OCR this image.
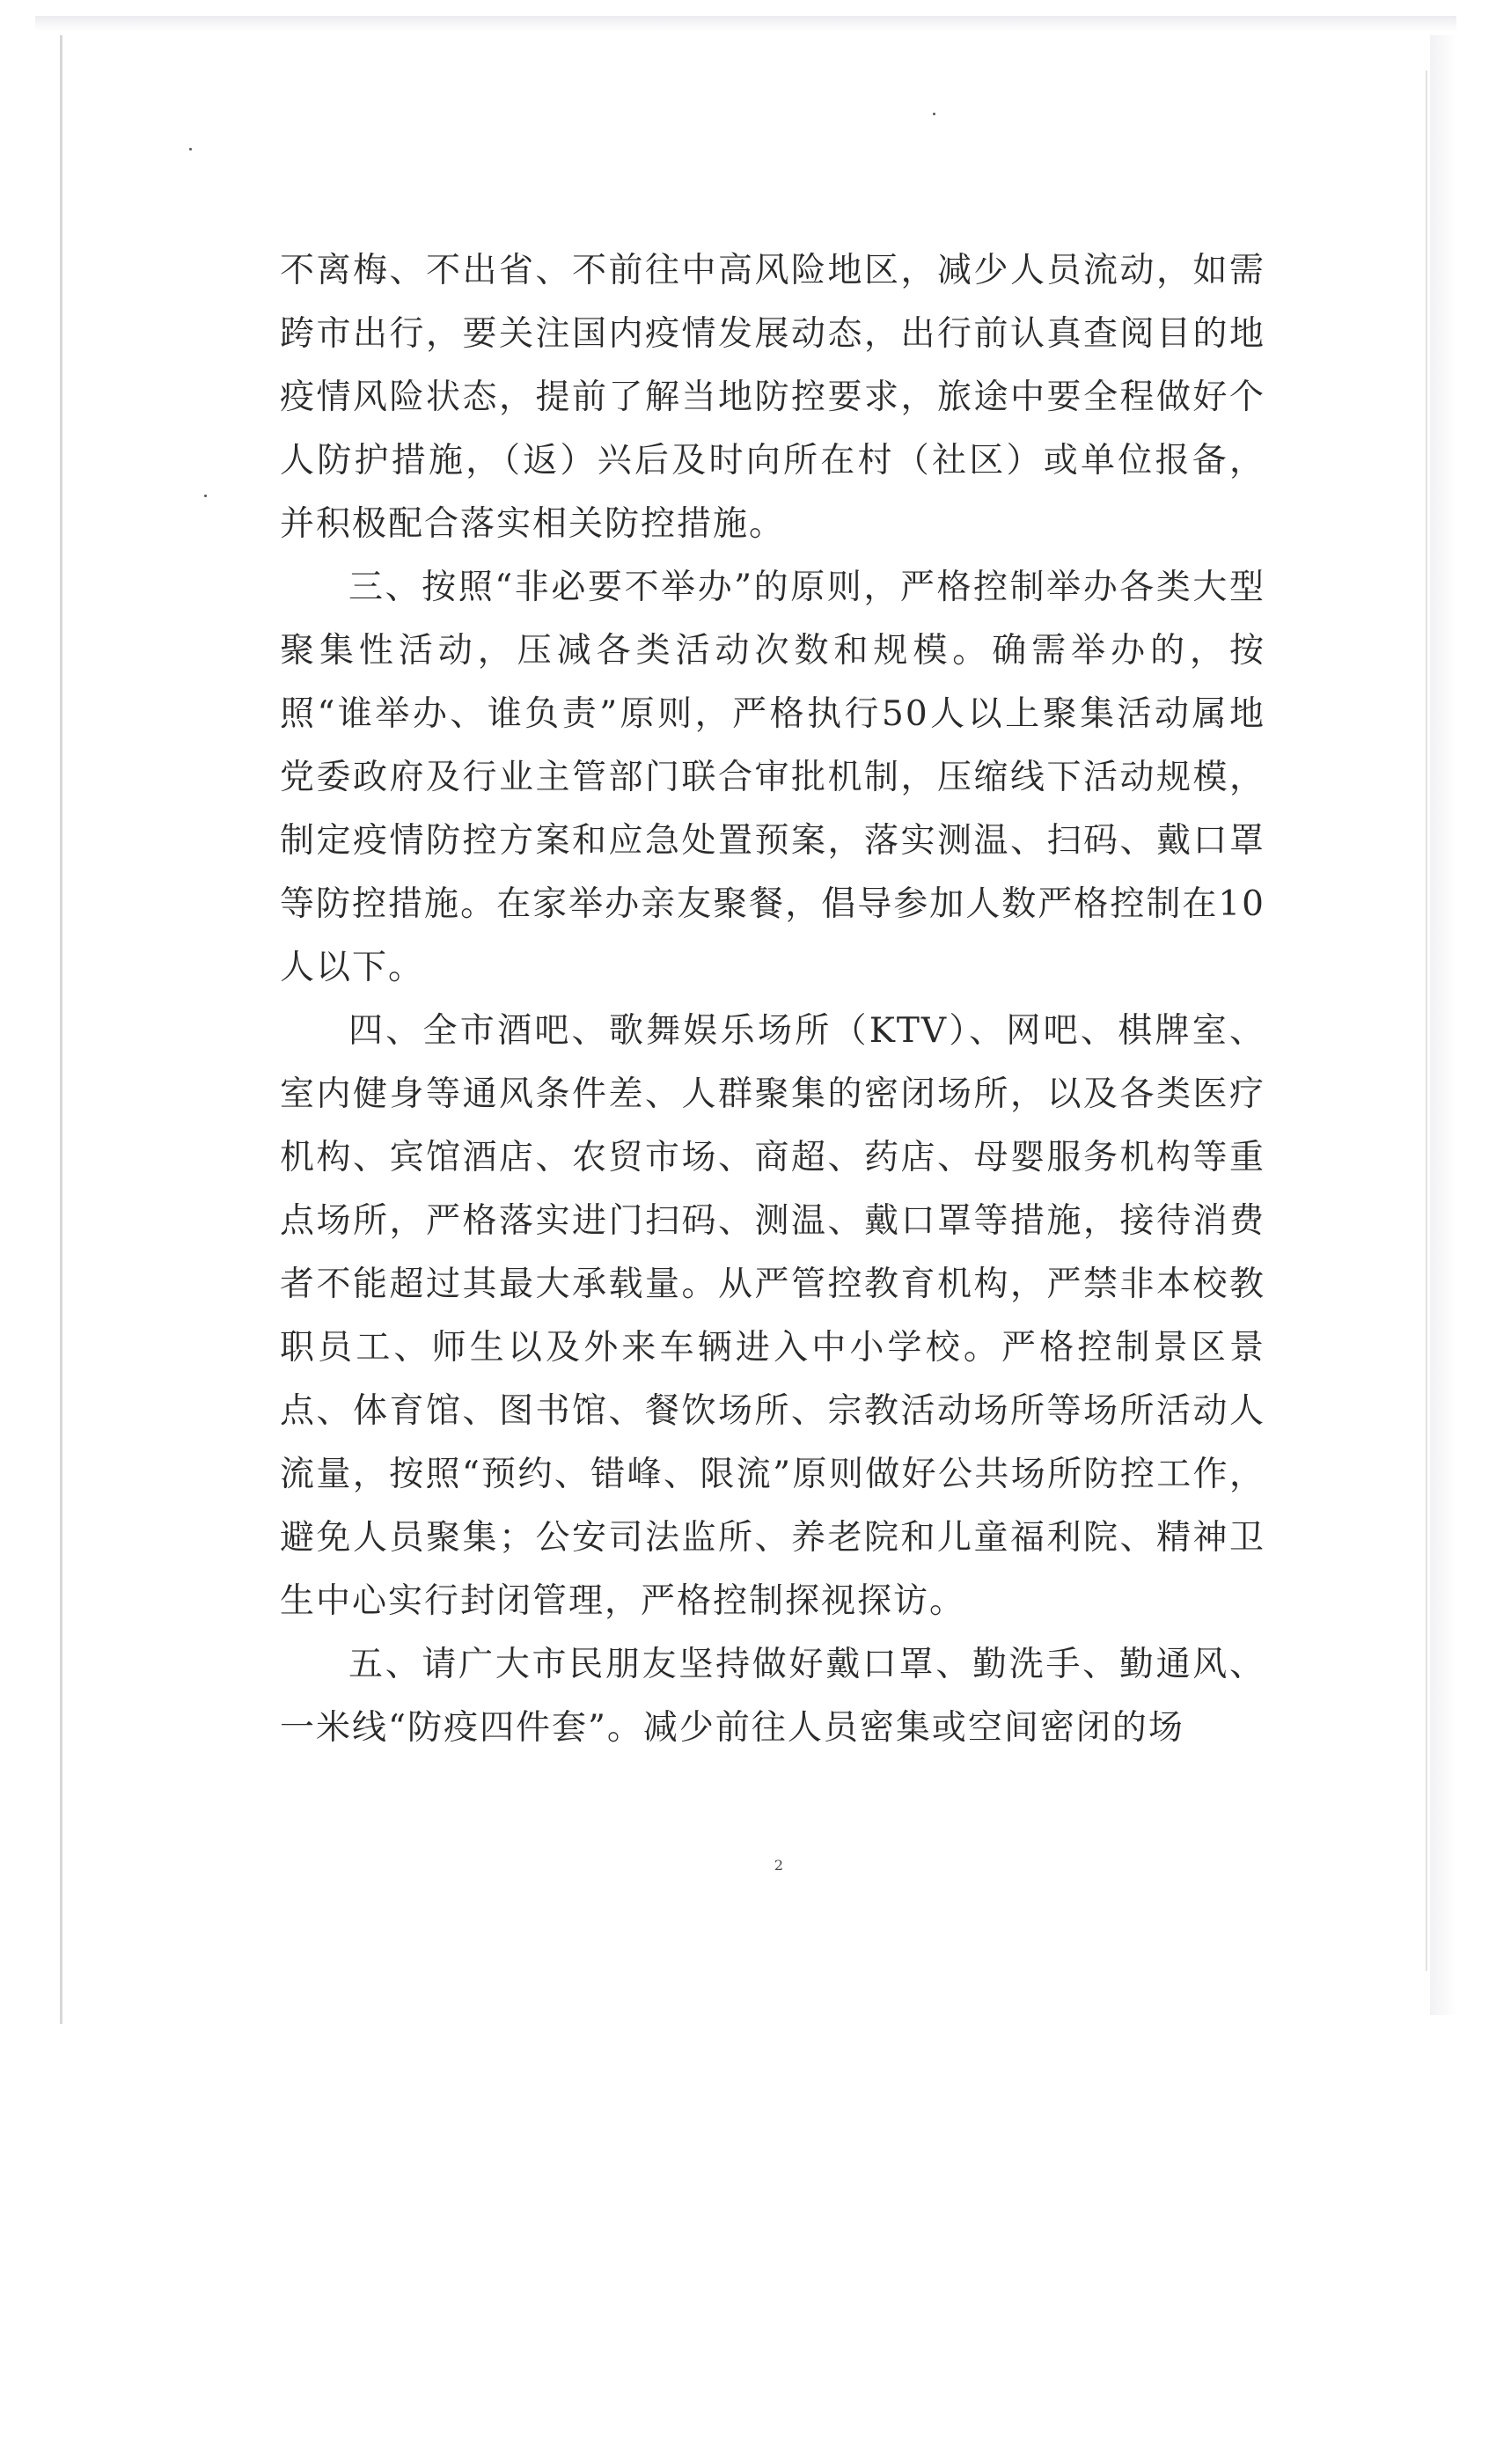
不离梅、不出省、不前往中高风险地区，减少人员流动，如需跨市出行，要关注国内疫情发展动态，出行前认真查阅目的地疫情风险状态，提前了解当地防控要求，旅途中要全程做好个人防护措施，（返）兴后及时向所在村（社区）或单位报备，并积极配合落实相关防控措施。

三、按照“非必要不举办”的原则，严格控制举办各类大型聚集性活动，压减各类活动次数和规模。确需举办的，按照“谁举办、谁负责”原则，严格执行50人以上聚集活动属地党委政府及行业主管部门联合审批机制，压缩线下活动规模，制定疫情防控方案和应急处置预案，落实测温、扫码、戴口罩等防控措施。在家举办亲友聚餐，倡导参加人数严格控制在10人以下。

四、全市酒吧、歌舞娱乐场所（KTV）、网吧、棋牌室、室内健身等通风条件差、人群聚集的密闭场所，以及各类医疗机构、宾馆酒店、农贸市场、商超、药店、母婴服务机构等重点场所，严格落实进门扫码、测温、戴口罩等措施，接待消费者不能超过其最大承载量。从严管控教育机构，严禁非本校教职员工、师生以及外来车辆进入中小学校。严格控制景区景点、体育馆、图书馆、餐饮场所、宗教活动场所等场所活动人流量，按照“预约、错峰、限流”原则做好公共场所防控工作，避免人员聚集；公安司法监所、养老院和儿童福利院、精神卫生中心实行封闭管理，严格控制探视探访。

五、请广大市民朋友坚持做好戴口罩、勤洗手、勤通风、一米线“防疫四件套”。减少前往人员密集或空间密闭的场

2
